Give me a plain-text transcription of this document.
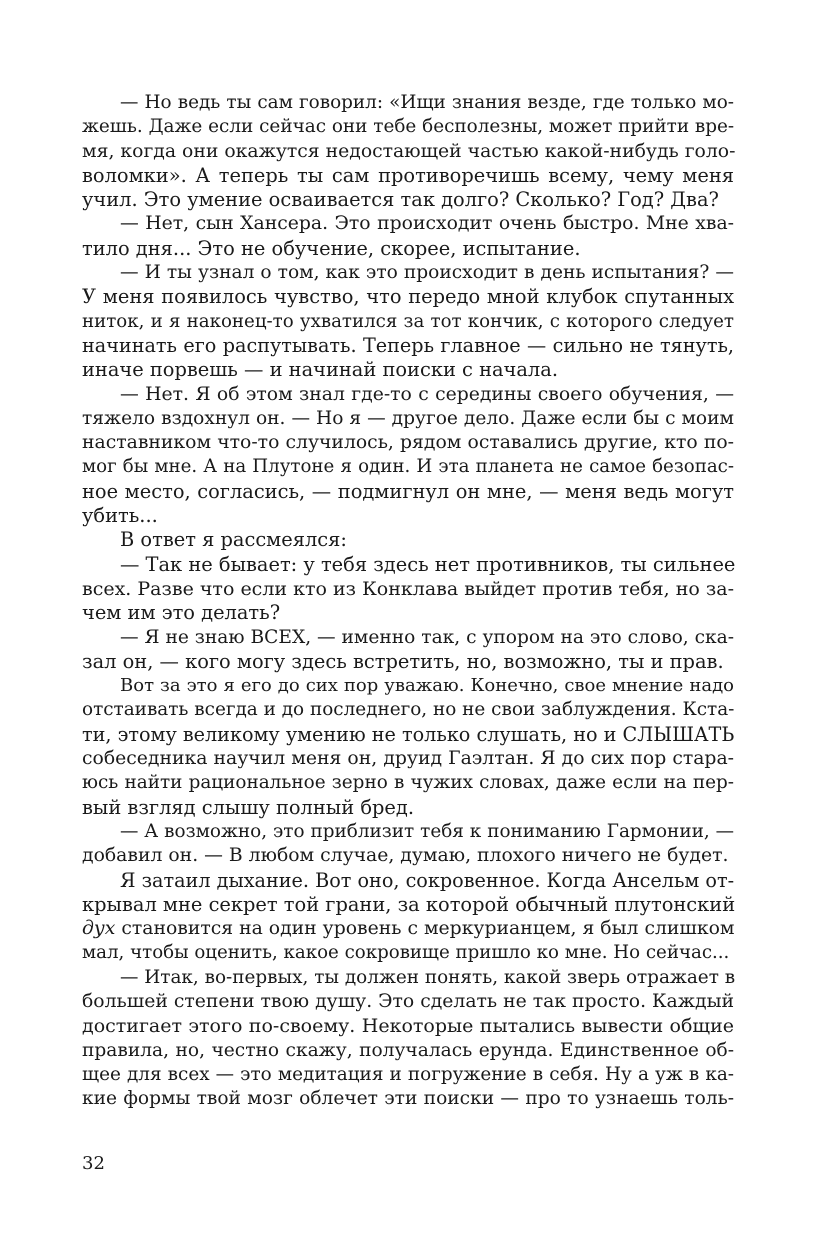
— Но ведь ты сам говорил: «Ищи знания везде, где только мо-
жешь. Даже если сейчас они тебе бесполезны, может прийти вре-
мя, когда они окажутся недостающей частью какой-нибудь голо-
воломки». А теперь ты сам противоречишь всему, чему меня
учил. Это умение осваивается так долго? Сколько? Год? Два?
— Нет, сын Хансера. Это происходит очень быстро. Мне хва-
тило дня... Это не обучение, скорее, испытание.
— И ты узнал о том, как это происходит в день испытания? —
У меня появилось чувство, что передо мной клубок спутанных
ниток, и я наконец-то ухватился за тот кончик, с которого следует
начинать его распутывать. Теперь главное — сильно не тянуть,
иначе порвешь — и начинай поиски с начала.
— Нет. Я об этом знал где-то с середины своего обучения, —
тяжело вздохнул он. — Но я — другое дело. Даже если бы с моим
наставником что-то случилось, рядом оставались другие, кто по-
мог бы мне. А на Плутоне я один. И эта планета не самое безопас-
ное место, согласись, — подмигнул он мне, — меня ведь могут
убить...
В ответ я рассмеялся:
— Так не бывает: у тебя здесь нет противников, ты сильнее
всех. Разве что если кто из Конклава выйдет против тебя, но за-
чем им это делать?
— Я не знаю ВСЕХ, — именно так, с упором на это слово, ска-
зал он, — кого могу здесь встретить, но, возможно, ты и прав.
Вот за это я его до сих пор уважаю. Конечно, свое мнение надо
отстаивать всегда и до последнего, но не свои заблуждения. Кста-
ти, этому великому умению не только слушать, но и СЛЫШАТЬ
собеседника научил меня он, друид Гаэлтан. Я до сих пор стара-
юсь найти рациональное зерно в чужих словах, даже если на пер-
вый взгляд слышу полный бред.
— А возможно, это приблизит тебя к пониманию Гармонии, —
добавил он. — В любом случае, думаю, плохого ничего не будет.
Я затаил дыхание. Вот оно, сокровенное. Когда Ансельм от-
крывал мне секрет той грани, за которой обычный плутонский
дух становится на один уровень с меркурианцем, я был слишком
мал, чтобы оценить, какое сокровище пришло ко мне. Но сейчас...
— Итак, во-первых, ты должен понять, какой зверь отражает в
большей степени твою душу. Это сделать не так просто. Каждый
достигает этого по-своему. Некоторые пытались вывести общие
правила, но, честно скажу, получалась ерунда. Единственное об-
щее для всех — это медитация и погружение в себя. Ну а уж в ка-
кие формы твой мозг облечет эти поиски — про то узнаешь толь-
32
